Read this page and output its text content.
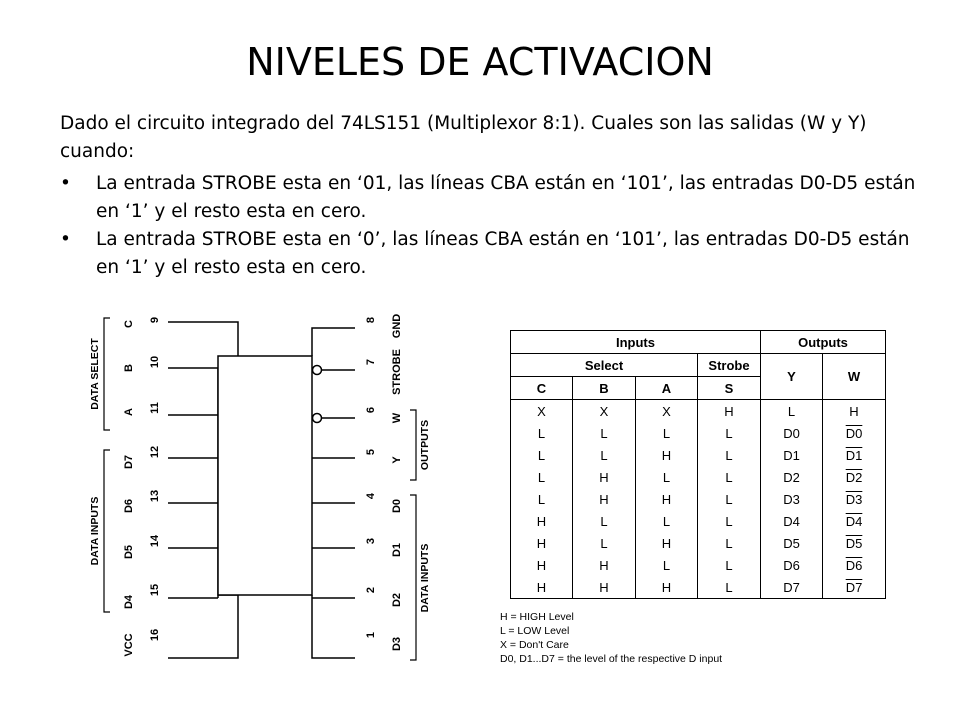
NIVELES DE ACTIVACION
Dado el circuito integrado del 74LS151 (Multiplexor 8:1). Cuales son las salidas (W y Y) cuando:
• La entrada STROBE esta en ‘01, las líneas CBA están en ‘101’, las entradas D0-D5 están en ‘1’ y el resto esta en cero.
• La entrada STROBE esta en ‘0’, las líneas CBA están en ‘101’, las entradas D0-D5 están en ‘1’ y el resto esta en cero.
9
10
11
12
13
14
15
16
C
B
A
D7
D6
D5
D4
VCC
8
7
6
5
4
3
2
1
GND
STROBE
W
Y
D0
D1
D2
D3
DATA SELECT
DATA INPUTS
OUTPUTS
DATA INPUTS
Inputs				Outputs	
Select			Strobe	Y	W
C	B	A	S		
X	X	X	H	L	H
L	L	L	L	D0	D0
L	L	H	L	D1	D1
L	H	L	L	D2	D2
L	H	H	L	D3	D3
H	L	L	L	D4	D4
H	L	H	L	D5	D5
H	H	L	L	D6	D6
H	H	H	L	D7	D7
H = HIGH Level
L = LOW Level
X = Don't Care
D0, D1...D7 = the level of the respective D input
